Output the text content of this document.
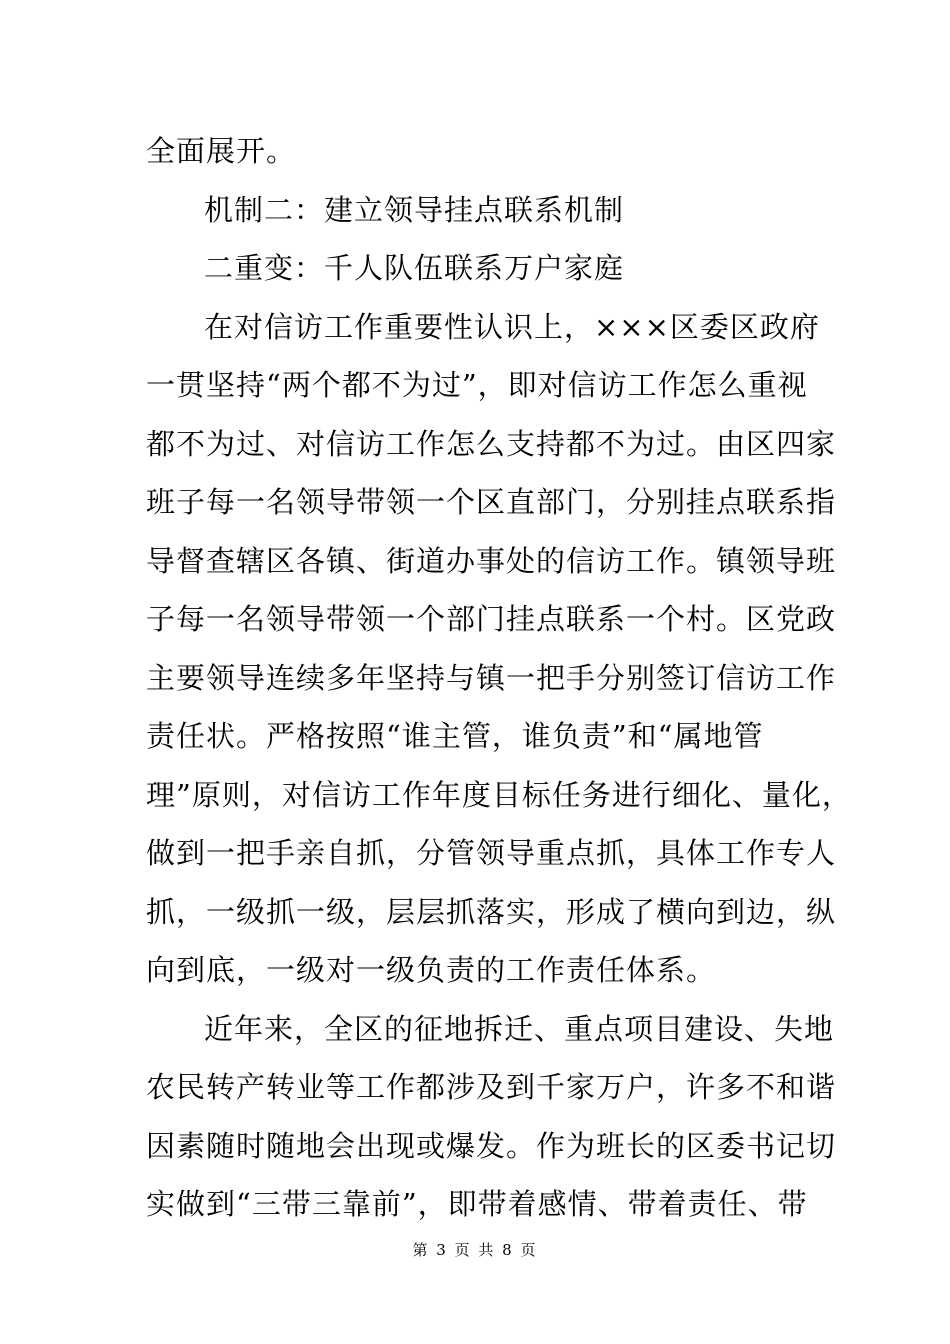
全面展开。
机制二：建立领导挂点联系机制
二重变：千人队伍联系万户家庭
在对信访工作重要性认识上，×××区委区政府
一贯坚持“两个都不为过”，即对信访工作怎么重视
都不为过、对信访工作怎么支持都不为过。由区四家
班子每一名领导带领一个区直部门，分别挂点联系指
导督查辖区各镇、街道办事处的信访工作。镇领导班
子每一名领导带领一个部门挂点联系一个村。区党政
主要领导连续多年坚持与镇一把手分别签订信访工作
责任状。严格按照“谁主管，谁负责”和“属地管
理”原则，对信访工作年度目标任务进行细化、量化，
做到一把手亲自抓，分管领导重点抓，具体工作专人
抓，一级抓一级，层层抓落实，形成了横向到边，纵
向到底，一级对一级负责的工作责任体系。
近年来，全区的征地拆迁、重点项目建设、失地
农民转产转业等工作都涉及到千家万户，许多不和谐
因素随时随地会出现或爆发。作为班长的区委书记切
实做到“三带三靠前”，即带着感情、带着责任、带
第 3 页 共 8 页
